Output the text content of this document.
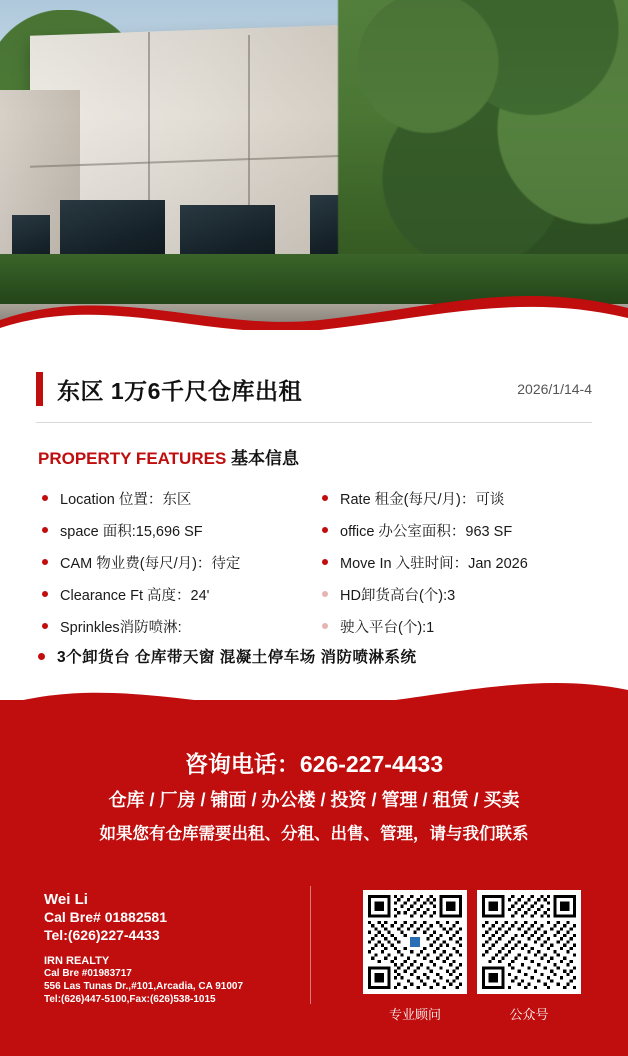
东区 1万6千尺仓库出租	2026/1/14-4
PROPERTY FEATURES 基本信息
Location 位置：东区	Rate 租金(每尺/月)：可谈
space 面积:15,696 SF	office 办公室面积：963 SF
CAM 物业费(每尺/月)：待定	Move In 入驻时间：Jan 2026
Clearance Ft 高度：24'	HD卸货高台(个):3
Sprinkles消防喷淋:	驶入平台(个):1
3个卸货台 仓库带天窗 混凝土停车场 消防喷淋系统
咨询电话：626-227-4433
仓库 / 厂房 / 铺面 / 办公楼 / 投资 / 管理 / 租赁 / 买卖
如果您有仓库需要出租、分租、出售、管理，请与我们联系
Wei Li
Cal Bre# 01882581
Tel:(626)227-4433
IRN REALTY
Cal Bre #01983717
556 Las Tunas Dr.,#101,Arcadia, CA 91007
Tel:(626)447-5100,Fax:(626)538-1015
专业顾问	公众号
